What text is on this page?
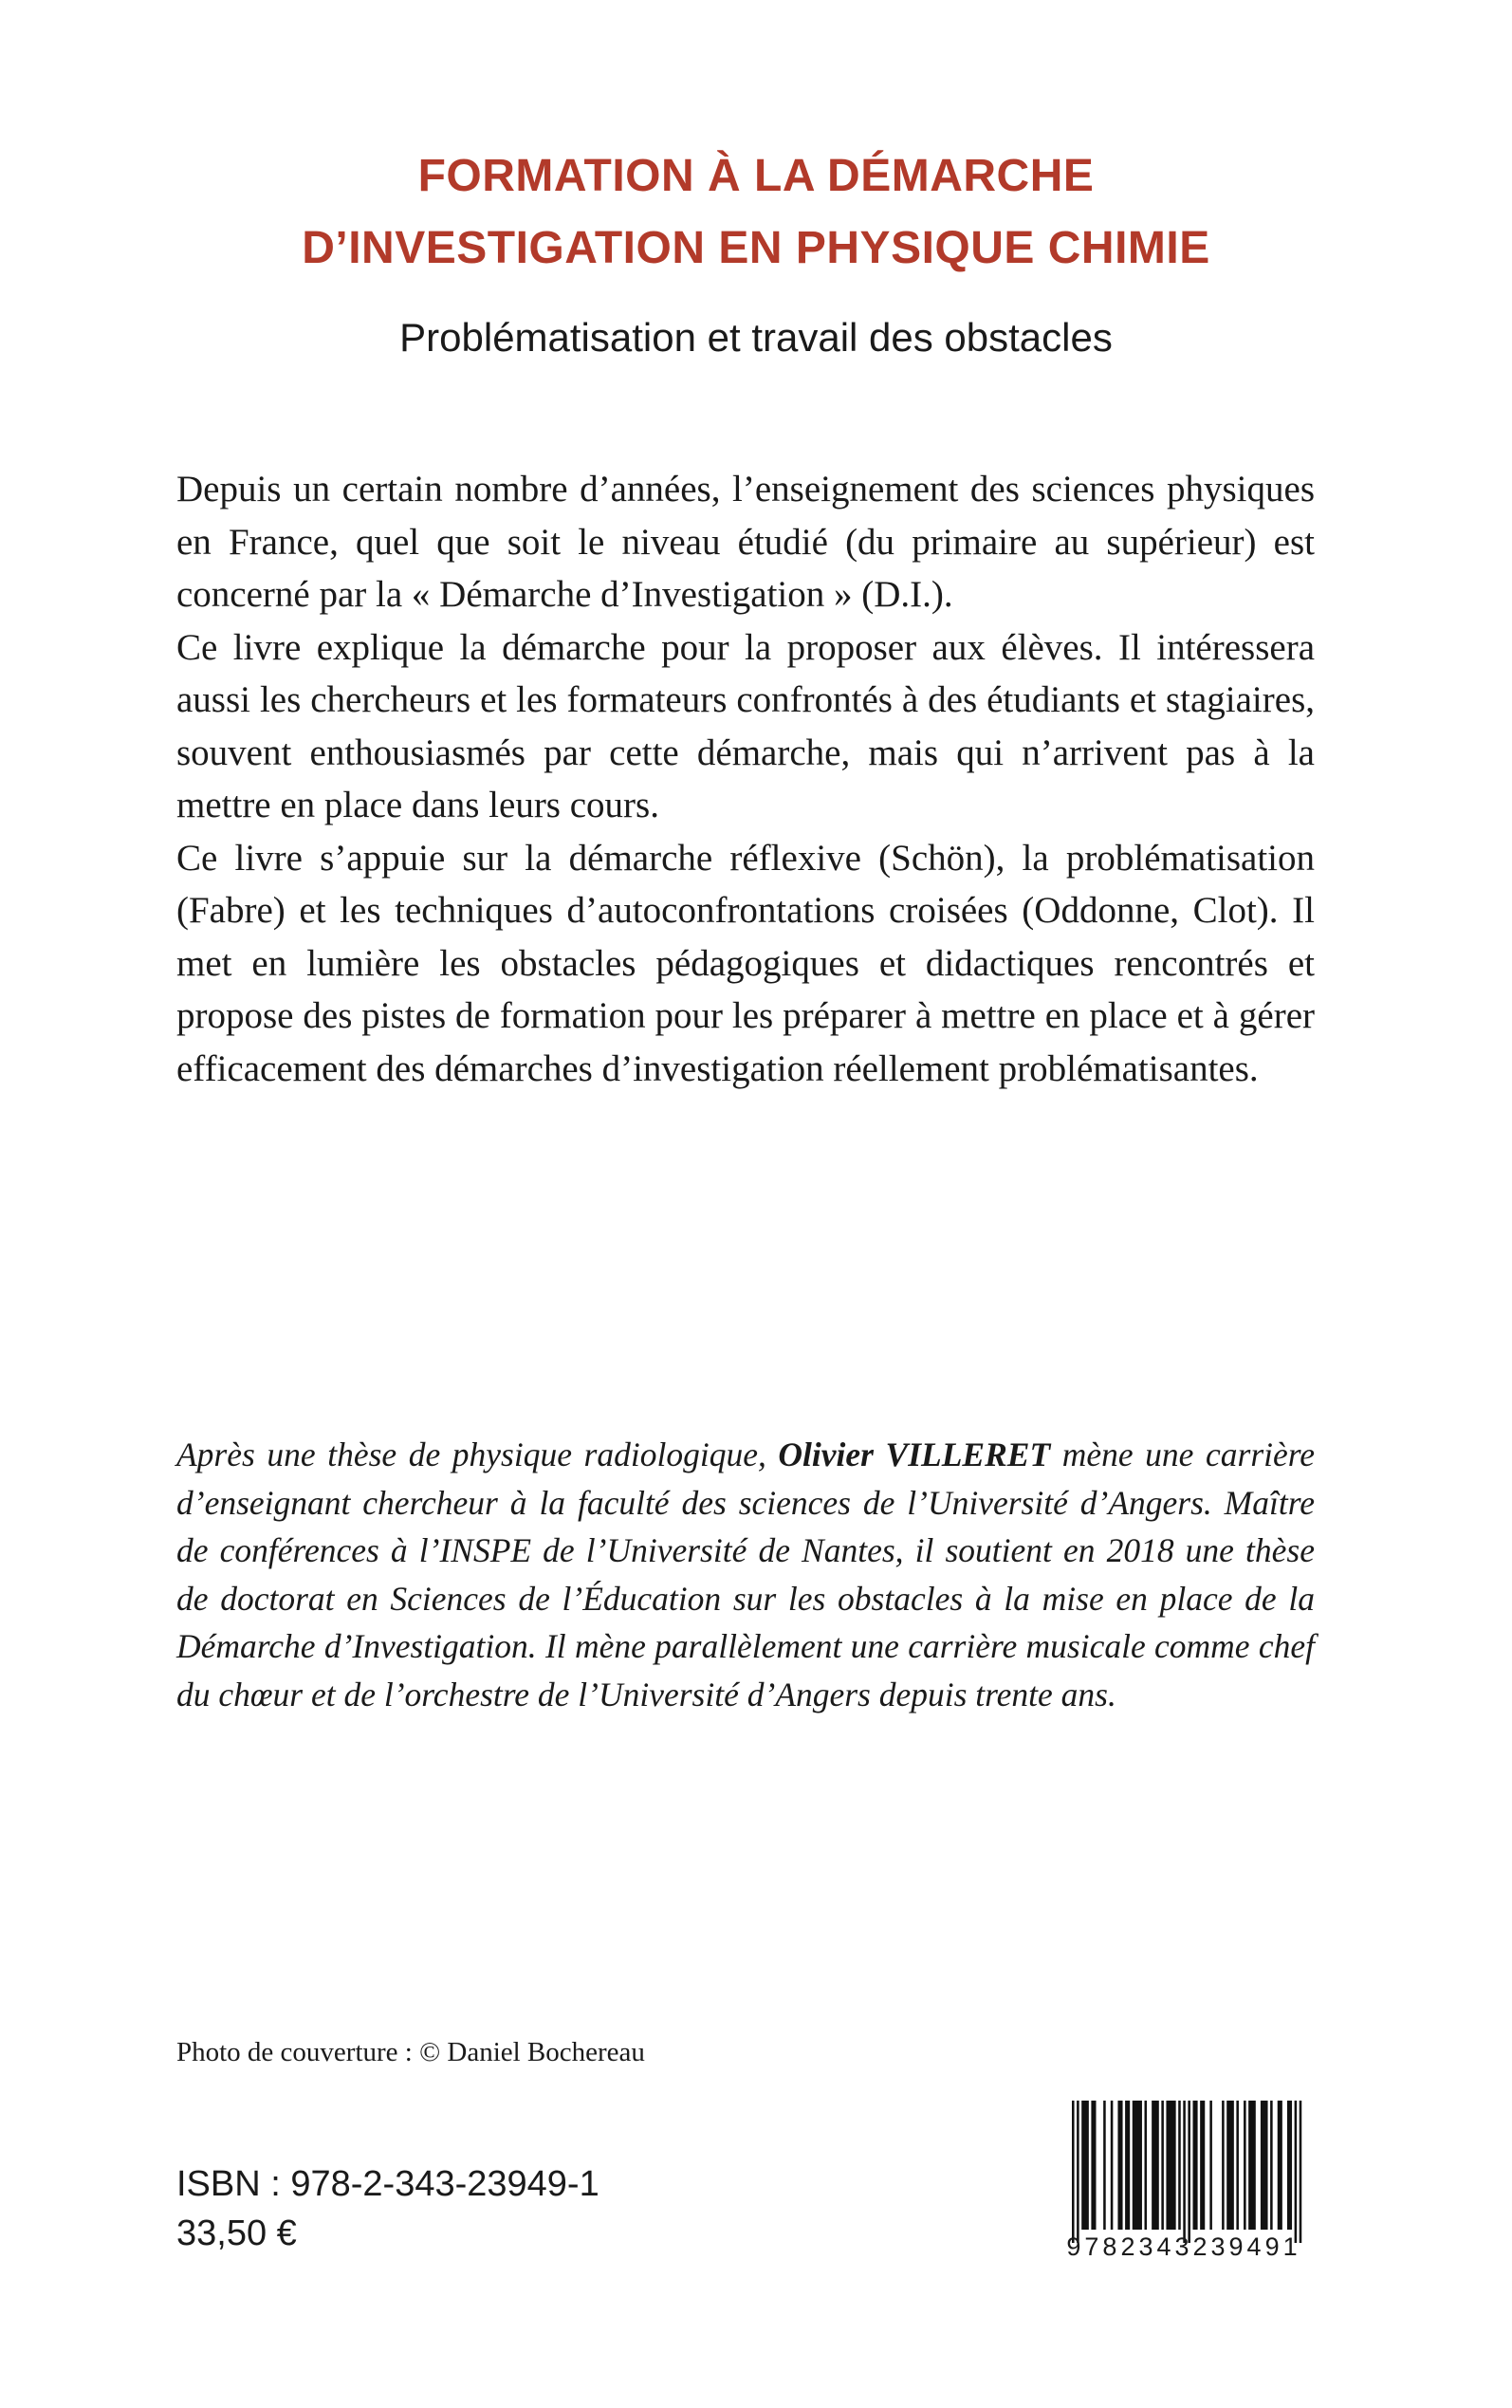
FORMATION À LA DÉMARCHE
D’INVESTIGATION EN PHYSIQUE CHIMIE
Problématisation et travail des obstacles

Depuis un certain nombre d’années, l’enseignement des sciences physiques en France, quel que soit le niveau étudié (du primaire au supérieur) est concerné par la « Démarche d’Investigation » (D.I.).

Ce livre explique la démarche pour la proposer aux élèves. Il intéressera aussi les chercheurs et les formateurs confrontés à des étudiants et stagiaires, souvent enthousiasmés par cette démarche, mais qui n’arrivent pas à la mettre en place dans leurs cours.

Ce livre s’appuie sur la démarche réflexive (Schön), la problématisation (Fabre) et les techniques d’autoconfrontations croisées (Oddonne, Clot). Il met en lumière les obstacles pédagogiques et didactiques rencontrés et propose des pistes de formation pour les préparer à mettre en place et à gérer efficacement des démarches d’investigation réellement problématisantes.

Après une thèse de physique radiologique, Olivier VILLERET mène une carrière d’enseignant chercheur à la faculté des sciences de l’Université d’Angers. Maître de conférences à l’INSPE de l’Université de Nantes, il soutient en 2018 une thèse de doctorat en Sciences de l’Éducation sur les obstacles à la mise en place de la Démarche d’Investigation. Il mène parallèlement une carrière musicale comme chef du chœur et de l’orchestre de l’Université d’Angers depuis trente ans.

Photo de couverture : © Daniel Bochereau
ISBN : 978-2-343-23949-1
33,50 €	9782343239491
